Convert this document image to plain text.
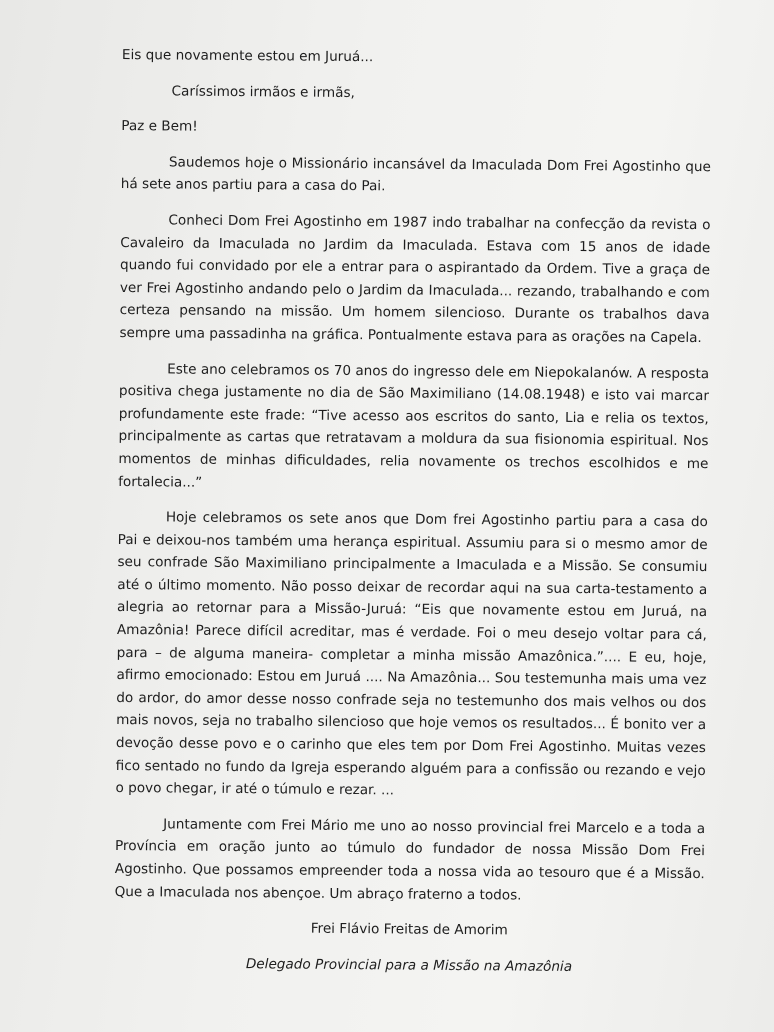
Eis que novamente estou em Juruá...

Caríssimos irmãos e irmãs,

Paz e Bem!

Saudemos hoje o Missionário incansável da Imaculada Dom Frei Agostinho que há sete anos partiu para a casa do Pai.

Conheci Dom Frei Agostinho em 1987 indo trabalhar na confecção da revista o Cavaleiro da Imaculada no Jardim da Imaculada. Estava com 15 anos de idade quando fui convidado por ele a entrar para o aspirantado da Ordem. Tive a graça de ver Frei Agostinho andando pelo o Jardim da Imaculada... rezando, trabalhando e com certeza pensando na missão. Um homem silencioso. Durante os trabalhos dava sempre uma passadinha na gráfica. Pontualmente estava para as orações na Capela.

Este ano celebramos os 70 anos do ingresso dele em Niepokalanów. A resposta positiva chega justamente no dia de São Maximiliano (14.08.1948) e isto vai marcar profundamente este frade: “Tive acesso aos escritos do santo, Lia e relia os textos, principalmente as cartas que retratavam a moldura da sua fisionomia espiritual. Nos momentos de minhas dificuldades, relia novamente os trechos escolhidos e me fortalecia...”

Hoje celebramos os sete anos que Dom frei Agostinho partiu para a casa do Pai e deixou-nos também uma herança espiritual. Assumiu para si o mesmo amor de seu confrade São Maximiliano principalmente a Imaculada e a Missão. Se consumiu até o último momento. Não posso deixar de recordar aqui na sua carta-testamento a alegria ao retornar para a Missão-Juruá: “Eis que novamente estou em Juruá, na Amazônia! Parece difícil acreditar, mas é verdade. Foi o meu desejo voltar para cá, para – de alguma maneira- completar a minha missão Amazônica.”.... E eu, hoje, afirmo emocionado: Estou em Juruá .... Na Amazônia... Sou testemunha mais uma vez do ardor, do amor desse nosso confrade seja no testemunho dos mais velhos ou dos mais novos, seja no trabalho silencioso que hoje vemos os resultados... É bonito ver a devoção desse povo e o carinho que eles tem por Dom Frei Agostinho. Muitas vezes fico sentado no fundo da Igreja esperando alguém para a confissão ou rezando e vejo o povo chegar, ir até o túmulo e rezar. ...

Juntamente com Frei Mário me uno ao nosso provincial frei Marcelo e a toda a Província em oração junto ao túmulo do fundador de nossa Missão Dom Frei Agostinho. Que possamos empreender toda a nossa vida ao tesouro que é a Missão. Que a Imaculada nos abençoe. Um abraço fraterno a todos.

Frei Flávio Freitas de Amorim

Delegado Provincial para a Missão na Amazônia
